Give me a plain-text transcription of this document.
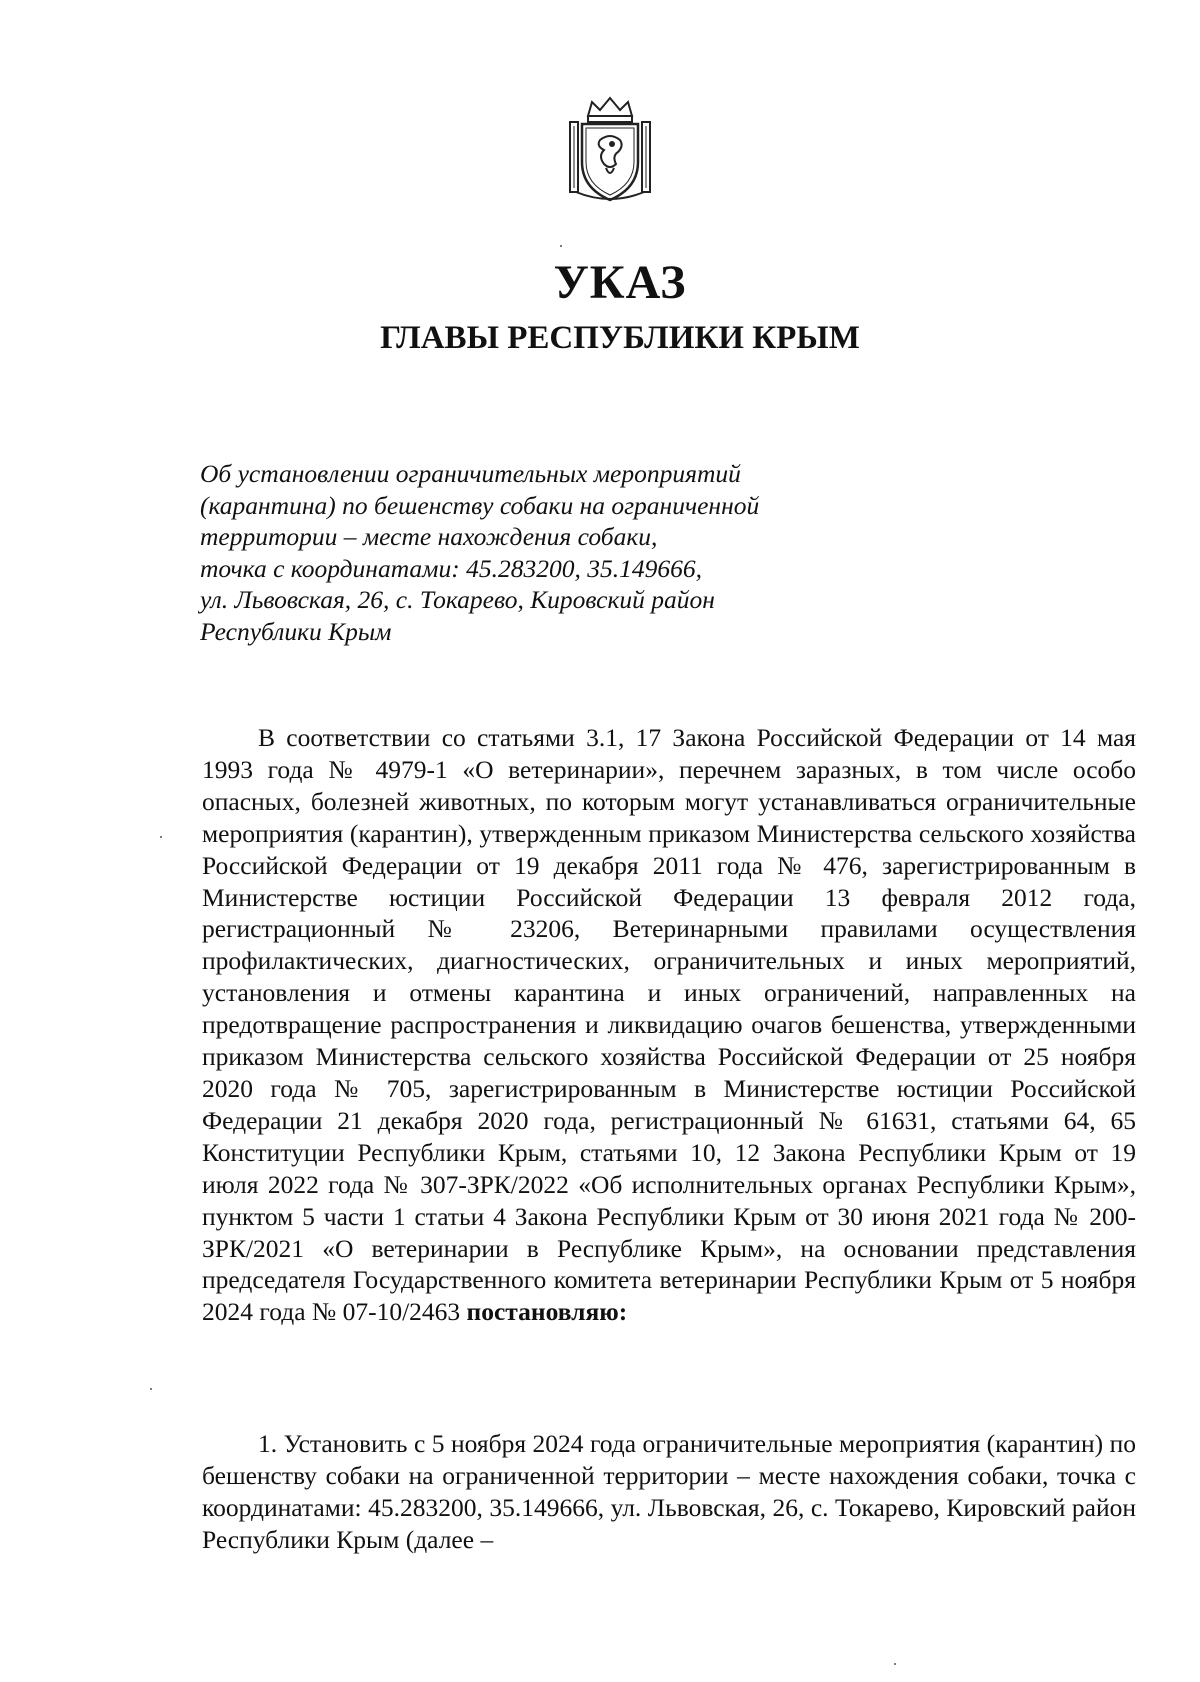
УКАЗ
ГЛАВЫ РЕСПУБЛИКИ КРЫМ
Об установлении ограничительных мероприятий
(карантина) по бешенству собаки на ограниченной
территории – месте нахождения собаки,
точка с координатами: 45.283200, 35.149666,
ул. Львовская, 26, с. Токарево, Кировский район
Республики Крым

В соответствии со статьями 3.1, 17 Закона Российской Федерации от 14 мая 1993 года № 4979-1 «О ветеринарии», перечнем заразных, в том числе особо опасных, болезней животных, по которым могут устанавливаться ограничительные мероприятия (карантин), утвержденным приказом Министерства сельского хозяйства Российской Федерации от 19 декабря 2011 года № 476, зарегистрированным в Министерстве юстиции Российской Федерации 13 февраля 2012 года, регистрационный № 23206, Ветеринарными правилами осуществления профилактических, диагностических, ограничительных и иных мероприятий, установления и отмены карантина и иных ограничений, направленных на предотвращение распространения и ликвидацию очагов бешенства, утвержденными приказом Министерства сельского хозяйства Российской Федерации от 25 ноября 2020 года № 705, зарегистрированным в Министерстве юстиции Российской Федерации 21 декабря 2020 года, регистрационный № 61631, статьями 64, 65 Конституции Республики Крым, статьями 10, 12 Закона Республики Крым от 19 июля 2022 года № 307-ЗРК/2022 «Об исполнительных органах Республики Крым», пунктом 5 части 1 статьи 4 Закона Республики Крым от 30 июня 2021 года № 200-ЗРК/2021 «О ветеринарии в Республике Крым», на основании представления председателя Государственного комитета ветеринарии Республики Крым от 5 ноября 2024 года № 07-10/2463 постановляю:

1. Установить с 5 ноября 2024 года ограничительные мероприятия (карантин) по бешенству собаки на ограниченной территории – месте нахождения собаки, точка с координатами: 45.283200, 35.149666, ул. Львовская, 26, с. Токарево, Кировский район Республики Крым (далее –
